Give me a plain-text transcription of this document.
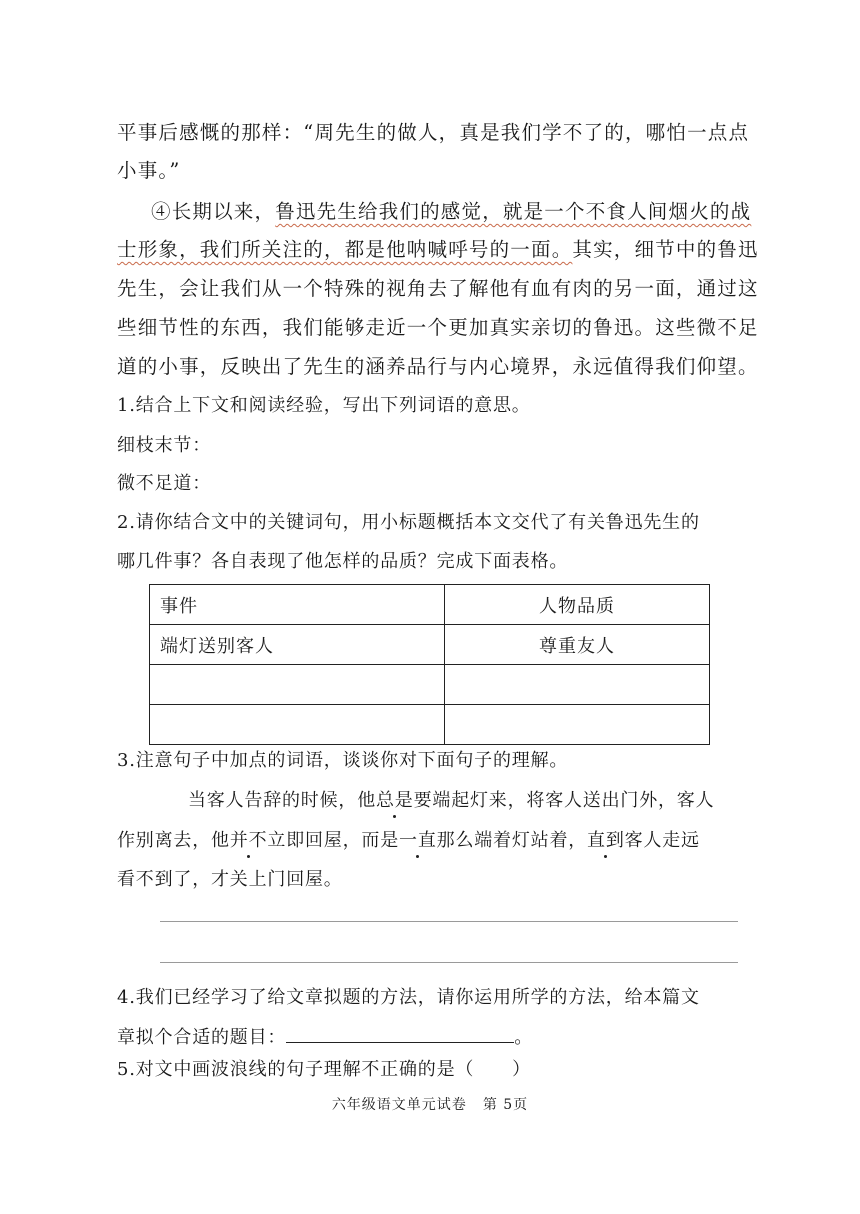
平事后感慨的那样：“周先生的做人，真是我们学不了的，哪怕一点点
小事。”
④长期以来，鲁迅先生给我们的感觉，就是一个不食人间烟火的战
士形象，我们所关注的，都是他呐喊呼号的一面。其实，细节中的鲁迅
先生，会让我们从一个特殊的视角去了解他有血有肉的另一面，通过这
些细节性的东西，我们能够走近一个更加真实亲切的鲁迅。这些微不足
道的小事，反映出了先生的涵养品行与内心境界，永远值得我们仰望。
1.结合上下文和阅读经验，写出下列词语的意思。
细枝末节：
微不足道：
2.请你结合文中的关键词句，用小标题概括本文交代了有关鲁迅先生的
哪几件事？各自表现了他怎样的品质？完成下面表格。
事件	人物品质
端灯送别客人	尊重友人

3.注意句子中加点的词语，谈谈你对下面句子的理解。
当客人告辞的时候，他总是要端起灯来，将客人送出门外，客人
作别离去，他并不立即回屋，而是一直那么端着灯站着，直到客人走远
看不到了，才关上门回屋。
4.我们已经学习了给文章拟题的方法，请你运用所学的方法，给本篇文
章拟个合适的题目：	。
5.对文中画波浪线的句子理解不正确的是（ ）
六年级语文单元试卷 第 5页
